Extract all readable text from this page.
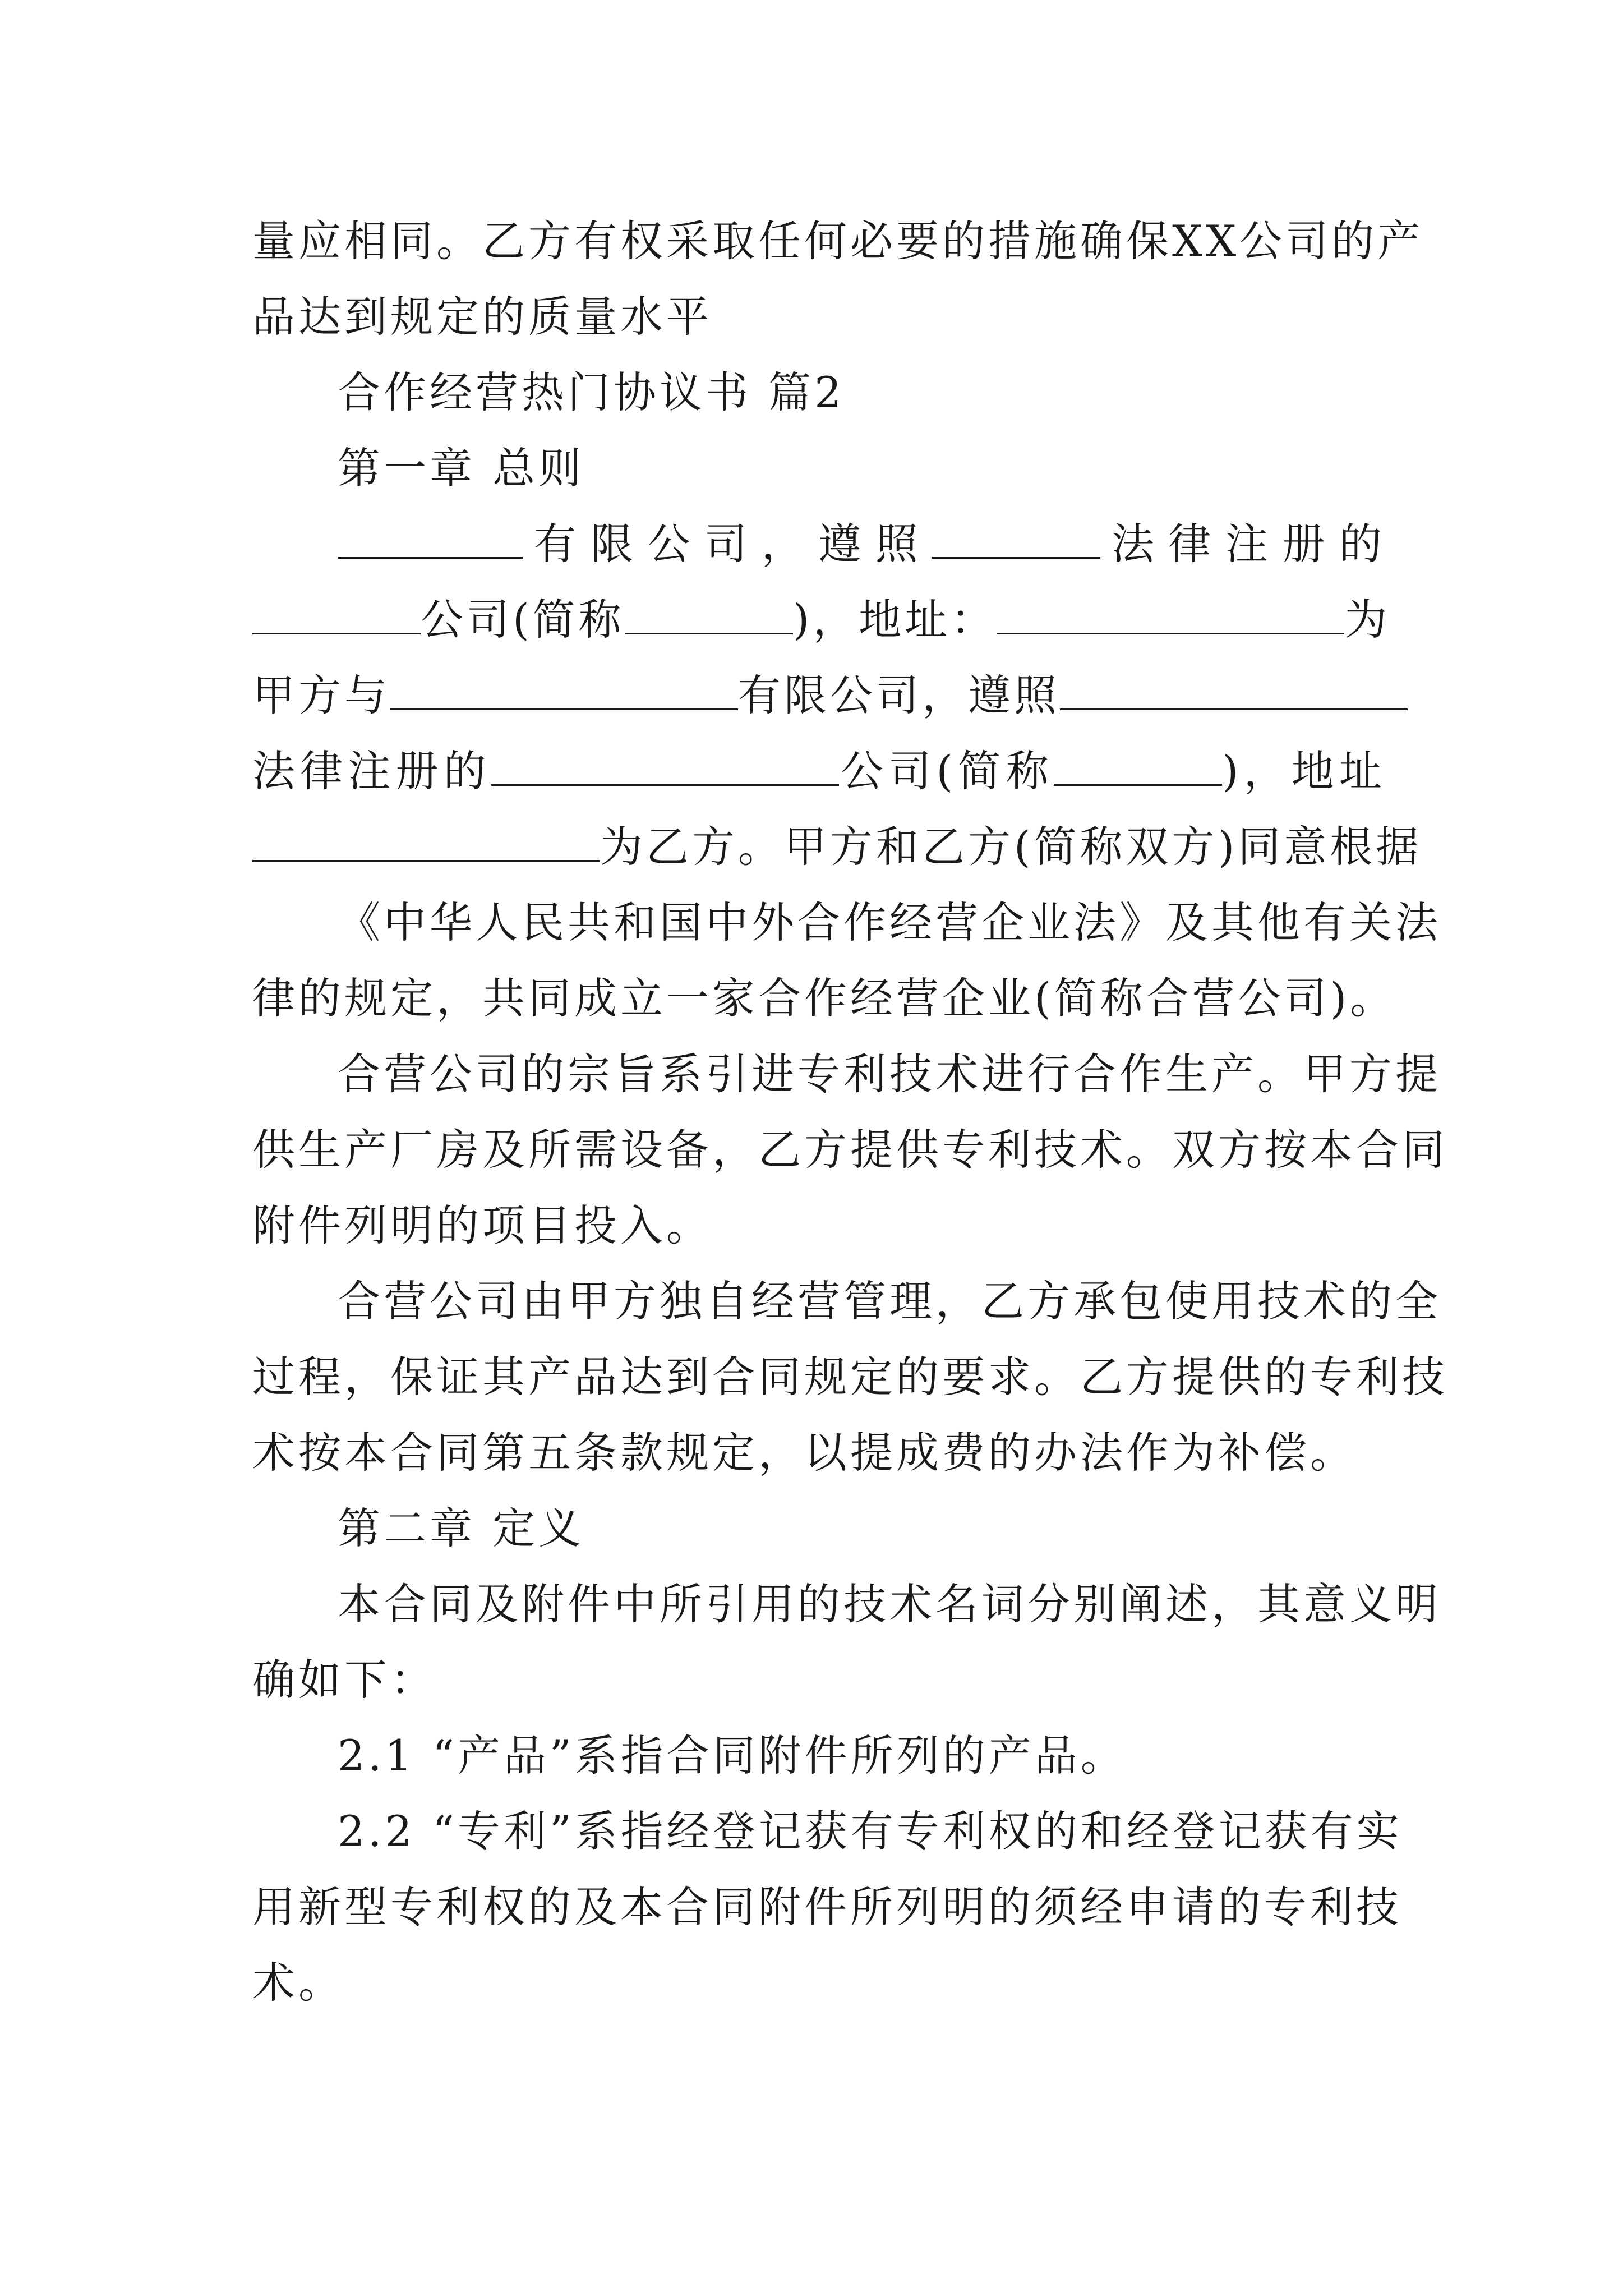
量应相同。乙方有权采取任何必要的措施确保XX公司的产
品达到规定的质量水平
合作经营热门协议书 篇2
第一章 总则
有限公司，遵照	法律注册的
公司(简称	)，地址：	为
甲方与	有限公司，遵照
法律注册的	公司(简称	)，地址
为乙方。甲方和乙方(简称双方)同意根据
《中华人民共和国中外合作经营企业法》及其他有关法
律的规定，共同成立一家合作经营企业(简称合营公司)。
合营公司的宗旨系引进专利技术进行合作生产。甲方提
供生产厂房及所需设备，乙方提供专利技术。双方按本合同
附件列明的项目投入。
合营公司由甲方独自经营管理，乙方承包使用技术的全
过程，保证其产品达到合同规定的要求。乙方提供的专利技
术按本合同第五条款规定，以提成费的办法作为补偿。
第二章 定义
本合同及附件中所引用的技术名词分别阐述，其意义明
确如下：
2.1 “产品”系指合同附件所列的产品。
2.2 “专利”系指经登记获有专利权的和经登记获有实
用新型专利权的及本合同附件所列明的须经申请的专利技
术。
